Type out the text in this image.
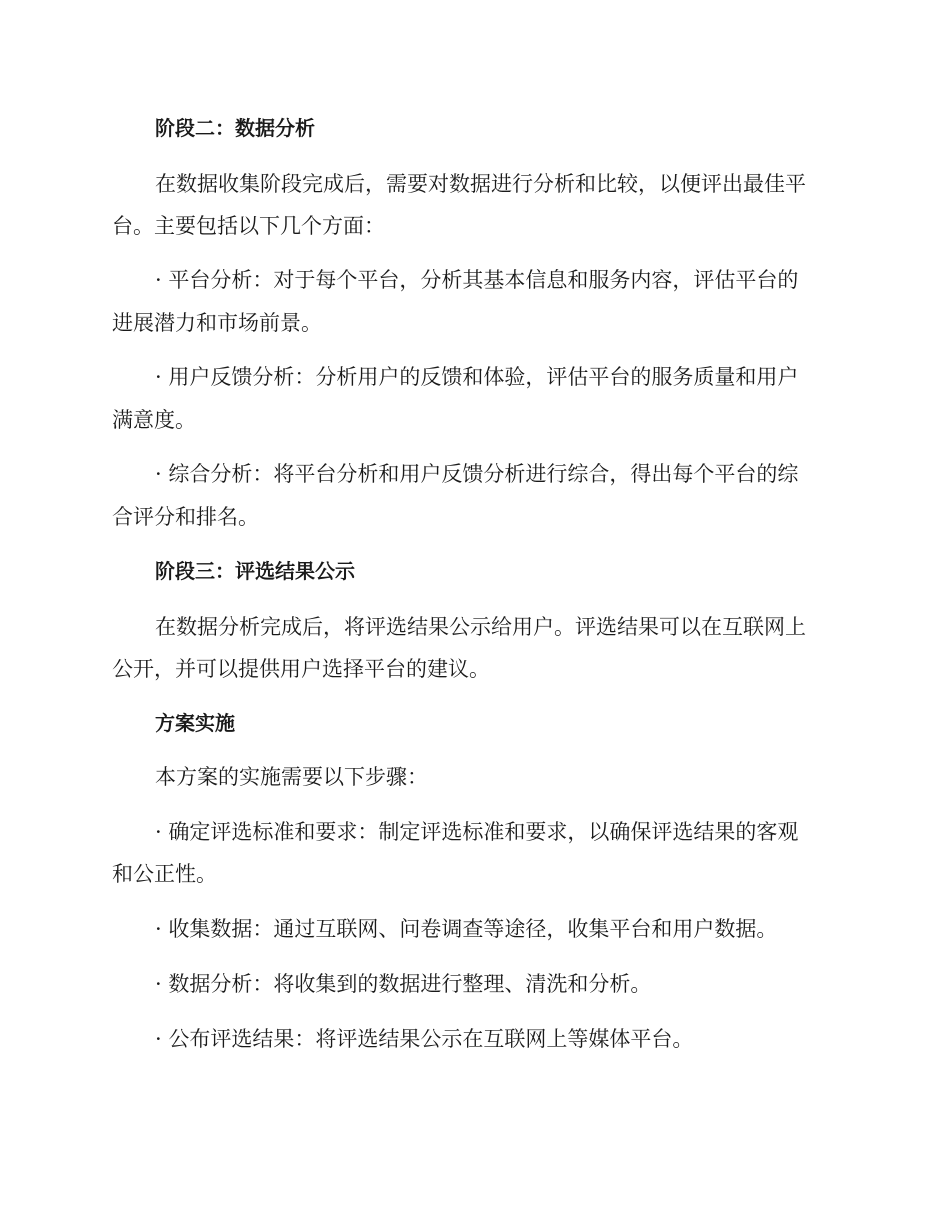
阶段二：数据分析
在数据收集阶段完成后，需要对数据进行分析和比较，以便评出最佳平
台。主要包括以下几个方面：
· 平台分析：对于每个平台，分析其基本信息和服务内容，评估平台的
进展潜力和市场前景。
· 用户反馈分析：分析用户的反馈和体验，评估平台的服务质量和用户
满意度。
· 综合分析：将平台分析和用户反馈分析进行综合，得出每个平台的综
合评分和排名。
阶段三：评选结果公示
在数据分析完成后，将评选结果公示给用户。评选结果可以在互联网上
公开，并可以提供用户选择平台的建议。
方案实施
本方案的实施需要以下步骤：
· 确定评选标准和要求：制定评选标准和要求，以确保评选结果的客观
和公正性。
· 收集数据：通过互联网、问卷调查等途径，收集平台和用户数据。
· 数据分析：将收集到的数据进行整理、清洗和分析。
· 公布评选结果：将评选结果公示在互联网上等媒体平台。
